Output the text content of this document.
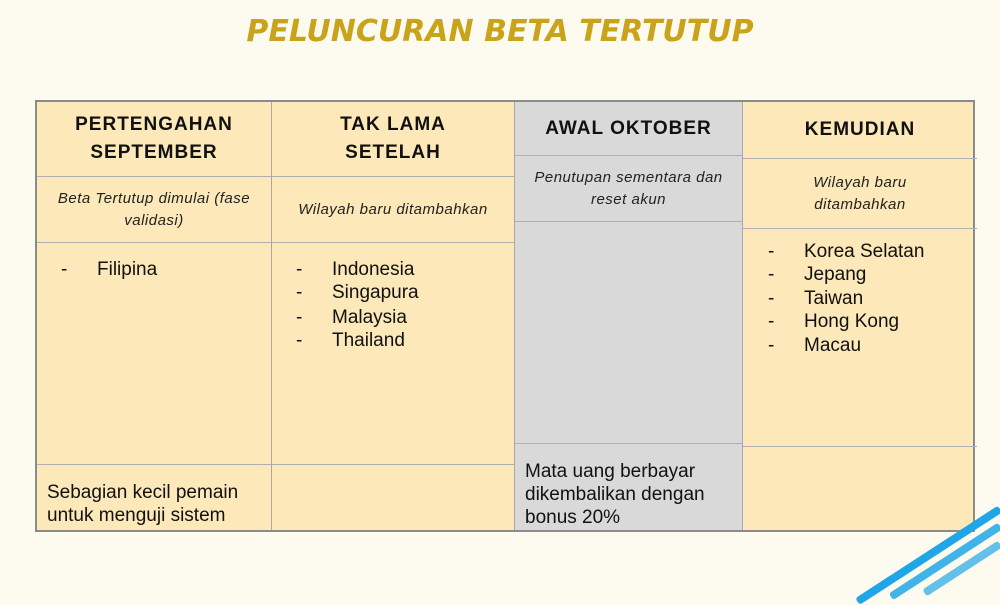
PELUNCURAN BETA TERTUTUP
PERTENGAHAN SEPTEMBER
Beta Tertutup dimulai (fase validasi)
- Filipina
Sebagian kecil pemain untuk menguji sistem
TAK LAMA SETELAH
Wilayah baru ditambahkan
- Indonesia
- Singapura
- Malaysia
- Thailand
AWAL OKTOBER
Penutupan sementara dan reset akun
Mata uang berbayar dikembalikan dengan bonus 20%
KEMUDIAN
Wilayah baru ditambahkan
- Korea Selatan
- Jepang
- Taiwan
- Hong Kong
- Macau
